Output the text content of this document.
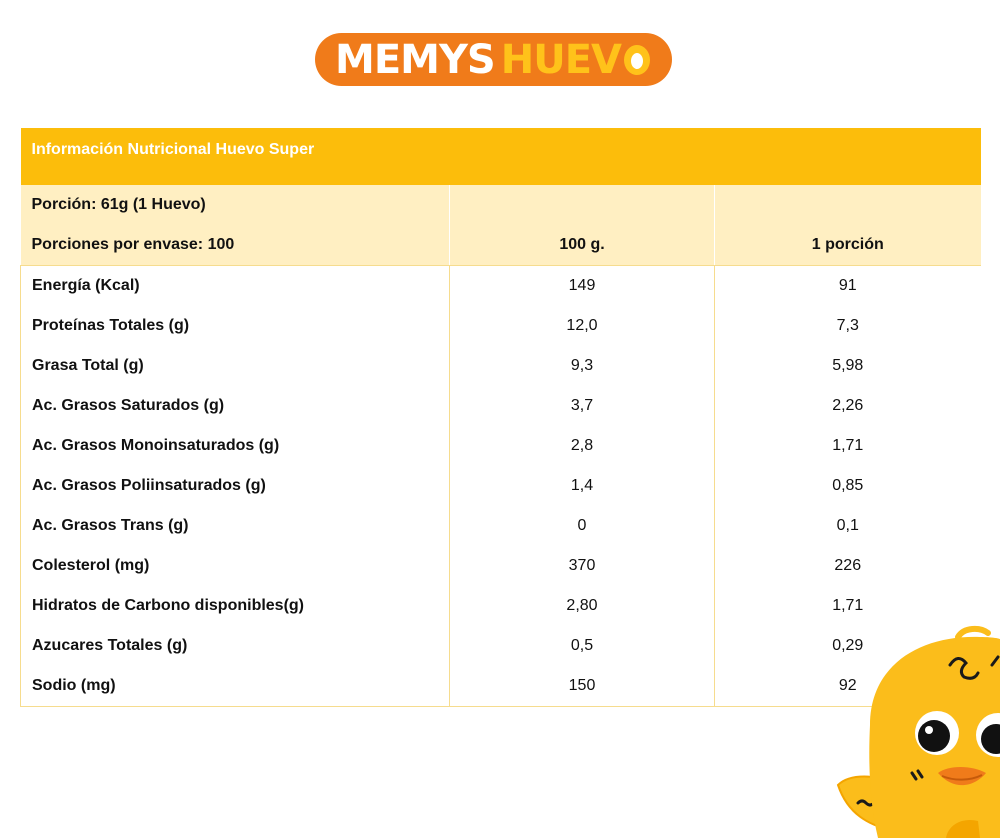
MEMYS HUEV
Información Nutricional Huevo Super		
Porción: 61g (1 Huevo)		
Porciones por envase: 100	100 g.	1 porción
Energía (Kcal)	149	91
Proteínas Totales (g)	12,0	7,3
Grasa Total (g)	9,3	5,98
Ac. Grasos Saturados (g)	3,7	2,26
Ac. Grasos Monoinsaturados (g)	2,8	1,71
Ac. Grasos Poliinsaturados (g)	1,4	0,85
Ac. Grasos Trans (g)	0	0,1
Colesterol (mg)	370	226
Hidratos de Carbono disponibles(g)	2,80	1,71
Azucares Totales (g)	0,5	0,29
Sodio (mg)	150	92
